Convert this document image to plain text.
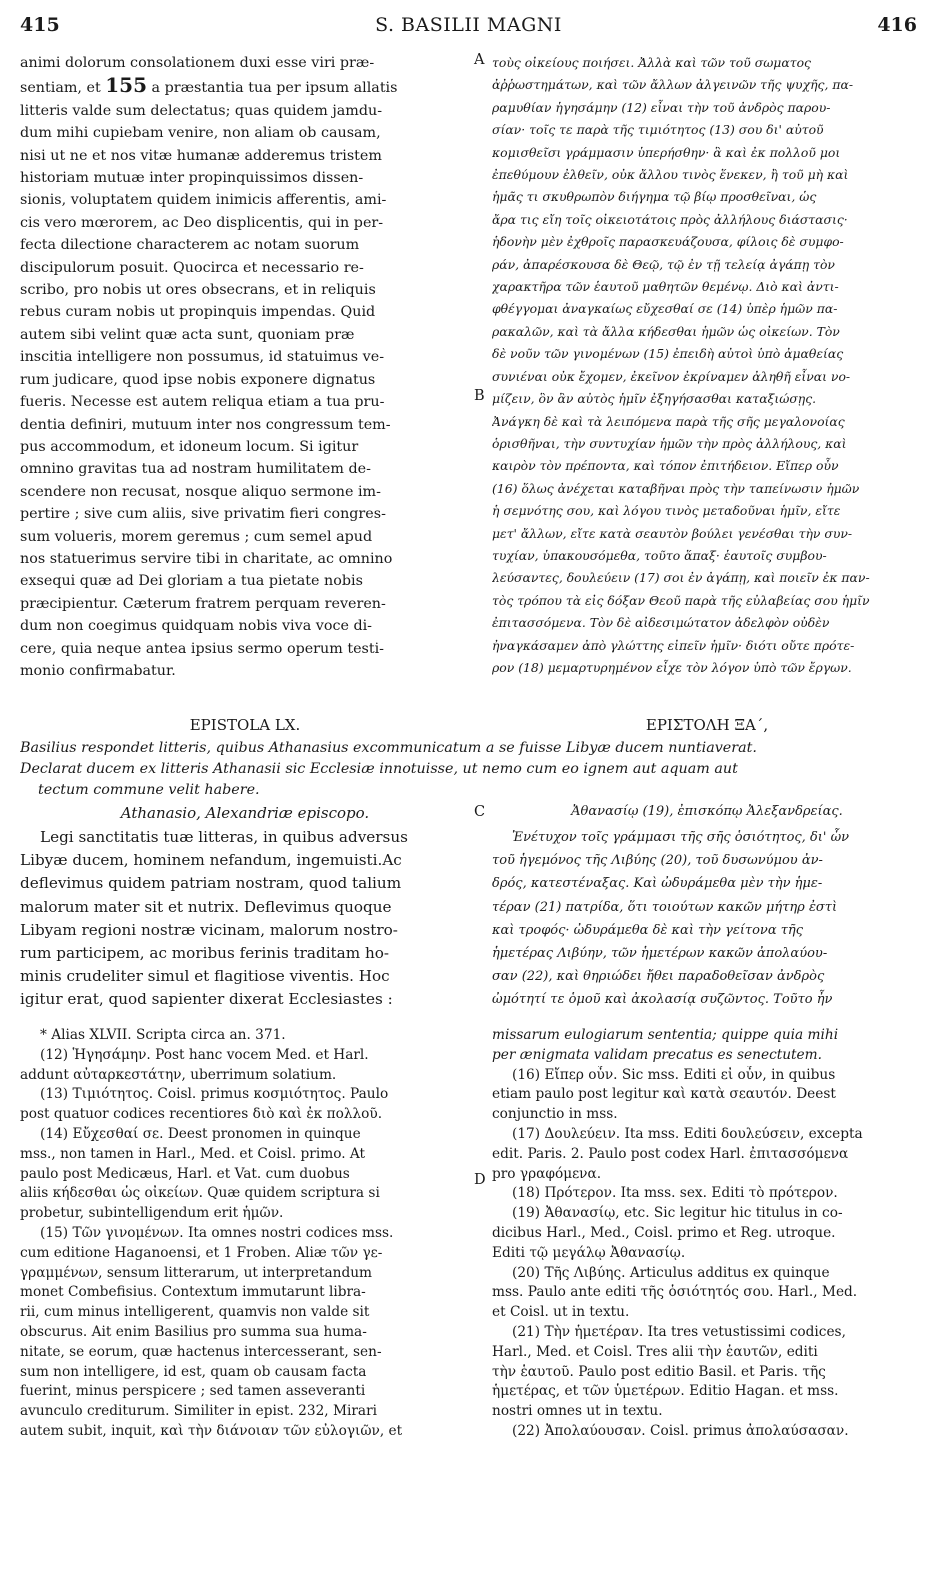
415	S. BASILII MAGNI	416
animi dolorum consolationem duxi esse viri præ-
sentiam, et 155 a præstantia tua per ipsum allatis
litteris valde sum delectatus; quas quidem jamdu-
dum mihi cupiebam venire, non aliam ob causam,
nisi ut ne et nos vitæ humanæ adderemus tristem
historiam mutuæ inter propinquissimos dissen-
sionis, voluptatem quidem inimicis afferentis, ami-
cis vero mœrorem, ac Deo displicentis, qui in per-
fecta dilectione characterem ac notam suorum
discipulorum posuit. Quocirca et necessario re-
scribo, pro nobis ut ores obsecrans, et in reliquis
rebus curam nobis ut propinquis impendas. Quid
autem sibi velint quæ acta sunt, quoniam præ
inscitia intelligere non possumus, id statuimus ve-
rum judicare, quod ipse nobis exponere dignatus
fueris. Necesse est autem reliqua etiam a tua pru-
dentia definiri, mutuum inter nos congressum tem-
pus accommodum, et idoneum locum. Si igitur
omnino gravitas tua ad nostram humilitatem de-
scendere non recusat, nosque aliquo sermone im-
pertire ; sive cum aliis, sive privatim fieri congres-
sum volueris, morem geremus ; cum semel apud
nos statuerimus servire tibi in charitate, ac omnino
exsequi quæ ad Dei gloriam a tua pietate nobis
præcipientur. Cæterum fratrem perquam reveren-
dum non coegimus quidquam nobis viva voce di-
cere, quia neque antea ipsius sermo operum testi-
monio confirmabatur.
A
B
C
D
τοὺς οἰκείους ποιήσει. Ἀλλὰ καὶ τῶν τοῦ σωματος
ἀῤῥωστημάτων, καὶ τῶν ἄλλων ἀλγεινῶν τῆς ψυχῆς, πα-
ραμυθίαν ἡγησάμην (12) εἶναι τὴν τοῦ ἀνδρὸς παρου-
σίαν· τοῖς τε παρὰ τῆς τιμιότητος (13) σου δι' αὐτοῦ
κομισθεῖσι γράμμασιν ὑπερήσθην· ἃ καὶ ἐκ πολλοῦ μοι
ἐπεθύμουν ἐλθεῖν, οὐκ ἄλλου τινὸς ἕνεκεν, ἢ τοῦ μὴ καὶ
ἡμᾶς τι σκυθρωπὸν διήγημα τῷ βίῳ προσθεῖναι, ὡς
ἄρα τις εἴη τοῖς οἰκειοτάτοις πρὸς ἀλλήλους διάστασις·
ἡδονὴν μὲν ἐχθροῖς παρασκευάζουσα, φίλοις δὲ συμφο-
ράν, ἀπαρέσκουσα δὲ Θεῷ, τῷ ἐν τῇ τελείᾳ ἀγάπῃ τὸν
χαρακτῆρα τῶν ἑαυτοῦ μαθητῶν θεμένῳ. Διὸ καὶ ἀντι-
φθέγγομαι ἀναγκαίως εὔχεσθαί σε (14) ὑπὲρ ἡμῶν πα-
ρακαλῶν, καὶ τὰ ἄλλα κήδεσθαι ἡμῶν ὡς οἰκείων. Τὸν
δὲ νοῦν τῶν γινομένων (15) ἐπειδὴ αὐτοὶ ὑπὸ ἀμαθείας
συνιέναι οὐκ ἔχομεν, ἐκεῖνον ἐκρίναμεν ἀληθῆ εἶναι νο-
μίζειν, ὃν ἂν αὐτὸς ἡμῖν ἐξηγήσασθαι καταξιώσῃς.
Ἀνάγκη δὲ καὶ τὰ λειπόμενα παρὰ τῆς σῆς μεγαλονοίας
ὁρισθῆναι, τὴν συντυχίαν ἡμῶν τὴν πρὸς ἀλλήλους, καὶ
καιρὸν τὸν πρέποντα, καὶ τόπον ἐπιτήδειον. Εἴπερ οὖν
(16) ὅλως ἀνέχεται καταβῆναι πρὸς τὴν ταπείνωσιν ἡμῶν
ἡ σεμνότης σου, καὶ λόγου τινὸς μεταδοῦναι ἡμῖν, εἴτε
μετ' ἄλλων, εἴτε κατὰ σεαυτὸν βούλει γενέσθαι τὴν συν-
τυχίαν, ὑπακουσόμεθα, τοῦτο ἅπαξ· ἑαυτοῖς συμβου-
λεύσαντες, δουλεύειν (17) σοι ἐν ἀγάπῃ, καὶ ποιεῖν ἐκ παν-
τὸς τρόπου τὰ εἰς δόξαν Θεοῦ παρὰ τῆς εὐλαβείας σου ἡμῖν
ἐπιτασσόμενα. Τὸν δὲ αἰδεσιμώτατον ἀδελφὸν οὐδὲν
ἠναγκάσαμεν ἀπὸ γλώττης εἰπεῖν ἡμῖν· διότι οὔτε πρότε-
ρον (18) μεμαρτυρημένον εἶχε τὸν λόγον ὑπὸ τῶν ἔργων.
EPISTOLA LX.	ΕΡΙΣΤΟΛΗ ΞΑ΄,
Basilius respondet litteris, quibus Athanasius excommunicatum a se fuisse Libyæ ducem nuntiaverat.
Declarat ducem ex litteris Athanasii sic Ecclesiæ innotuisse, ut nemo cum eo ignem aut aquam aut
tectum commune velit habere.
Athanasio, Alexandriæ episcopo.	Ἀθανασίῳ (19), ἐπισκόπῳ Ἀλεξανδρείας.
Legi sanctitatis tuæ litteras, in quibus adversus
Libyæ ducem, hominem nefandum, ingemuisti.Ac
deflevimus quidem patriam nostram, quod talium
malorum mater sit et nutrix. Deflevimus quoque
Libyam regioni nostræ vicinam, malorum nostro-
rum participem, ac moribus ferinis traditam ho-
minis crudeliter simul et flagitiose viventis. Hoc
igitur erat, quod sapienter dixerat Ecclesiastes :
Ἐνέτυχον τοῖς γράμμασι τῆς σῆς ὁσιότητος, δι' ὧν
τοῦ ἡγεμόνος τῆς Λιβύης (20), τοῦ δυσωνύμου ἀν-
δρός, κατεστέναξας. Καὶ ὠδυράμεθα μὲν τὴν ἡμε-
τέραν (21) πατρίδα, ὅτι τοιούτων κακῶν μήτηρ ἐστὶ
καὶ τροφός· ὠδυράμεθα δὲ καὶ τὴν γείτονα τῆς
ἡμετέρας Λιβύην, τῶν ἡμετέρων κακῶν ἀπολαύου-
σαν (22), καὶ θηριώδει ἤθει παραδοθεῖσαν ἀνδρὸς
ὠμότητί τε ὁμοῦ καὶ ἀκολασίᾳ συζῶντος. Τοῦτο ἦν
* Alias XLVII. Scripta circa an. 371.
(12) Ἡγησάμην. Post hanc vocem Med. et Harl.
addunt αὐταρκεστάτην, uberrimum solatium.
(13) Τιμιότητος. Coisl. primus κοσμιότητος. Paulo
post quatuor codices recentiores διὸ καὶ ἐκ πολλοῦ.
(14) Εὔχεσθαί σε. Deest pronomen in quinque
mss., non tamen in Harl., Med. et Coisl. primo. At
paulo post Medicæus, Harl. et Vat. cum duobus
aliis κήδεσθαι ὡς οἰκείων. Quæ quidem scriptura si
probetur, subintelligendum erit ἡμῶν.
(15) Τῶν γινομένων. Ita omnes nostri codices mss.
cum editione Haganoensi, et 1 Froben. Aliæ τῶν γε-
γραμμένων, sensum litterarum, ut interpretandum
monet Combefisius. Contextum immutarunt librа-
rii, cum minus intelligerent, quamvis non valde sit
obscurus. Ait enim Basilius pro summa sua huma-
nitate, se eorum, quæ hactenus intercesserant, sen-
sum non intelligere, id est, quam ob causam facta
fuerint, minus perspicere ; sed tamen asseveranti
avunculo crediturum. Similiter in epist. 232, Mirari
autem subit, inquit, καὶ τὴν διάνοιαν τῶν εὐλογιῶν, et
missarum eulogiarum sententia; quippe quia mihi
per ænigmata validam precatus es senectutem.
(16) Εἴπερ οὖν. Sic mss. Editi εἰ οὖν, in quibus
etiam paulo post legitur καὶ κατὰ σεαυτόν. Deest
conjunctio in mss.
(17) Δουλεύειν. Ita mss. Editi δουλεύσειν, excepta
edit. Paris. 2. Paulo post codex Harl. ἐπιτασσόμενα
pro γραφόμενα.
(18) Πρότερον. Ita mss. sex. Editi τὸ πρότερον.
(19) Ἀθανασίῳ, etc. Sic legitur hic titulus in co-
dicibus Harl., Med., Coisl. primo et Reg. utroque.
Editi τῷ μεγάλῳ Ἀθανασίῳ.
(20) Τῆς Λιβύης. Articulus additus ex quinque
mss. Paulo ante editi τῆς ὁσιότητός σου. Harl., Med.
et Coisl. ut in textu.
(21) Τὴν ἡμετέραν. Ita tres vetustissimi codices,
Harl., Med. et Coisl. Tres alii τὴν ἑαυτῶν, editi
τὴν ἑαυτοῦ. Paulo post editio Basil. et Paris. τῆς
ἡμετέρας, et τῶν ὑμετέρων. Editio Hagan. et mss.
nostri omnes ut in textu.
(22) Ἀπολαύουσαν. Coisl. primus ἀπολαύσασαν.
